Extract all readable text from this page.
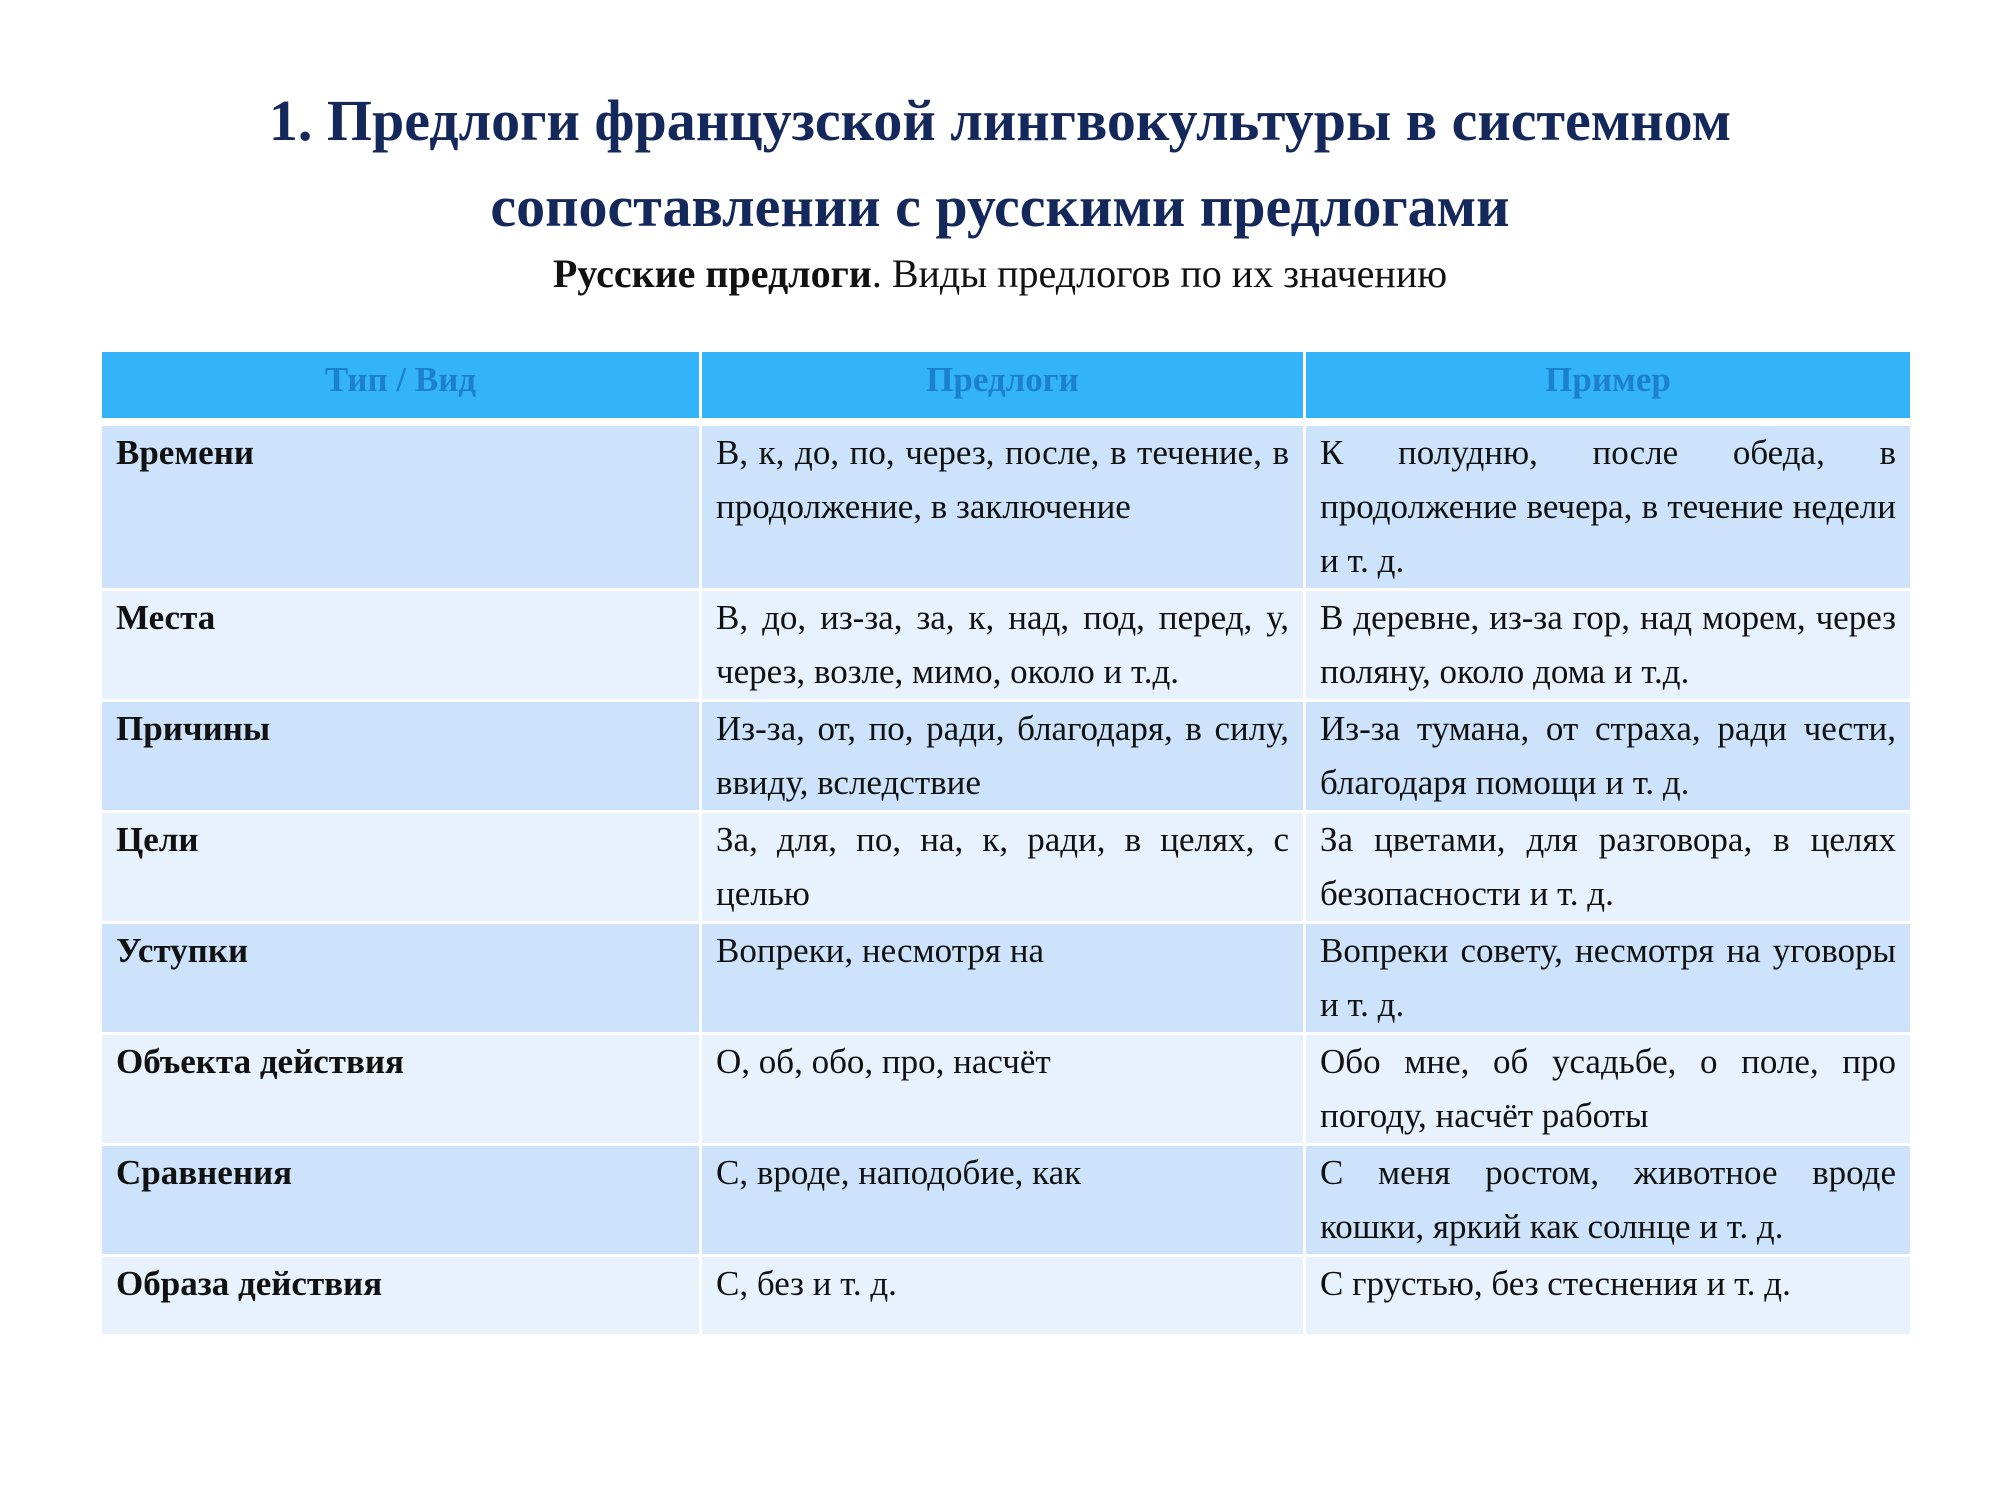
1. Предлоги французской лингвокультуры в системном
сопоставлении с русскими предлогами
Русские предлоги. Виды предлогов по их значению
Тип / Вид	Предлоги	Пример
Времени	В, к, до, по, через, после, в течение, в продолжение, в заключение	К полудню, после обеда, в продолжение вечера, в течение недели и т. д.
Места	В, до, из-за, за, к, над, под, перед, у, через, возле, мимо, около и т.д.	В деревне, из-за гор, над морем, через поляну, около дома и т.д.
Причины	Из-за, от, по, ради, благодаря, в силу, ввиду, вследствие	Из-за тумана, от страха, ради чести, благодаря помощи и т. д.
Цели	За, для, по, на, к, ради, в целях, с целью	За цветами, для разговора, в целях безопасности и т. д.
Уступки	Вопреки, несмотря на	Вопреки совету, несмотря на уговоры и т. д.
Объекта действия	О, об, обо, про, насчёт	Обо мне, об усадьбе, о поле, про погоду, насчёт работы
Сравнения	С, вроде, наподобие, как	С меня ростом, животное вроде кошки, яркий как солнце и т. д.
Образа действия	С, без и т. д.	С грустью, без стеснения и т. д.
